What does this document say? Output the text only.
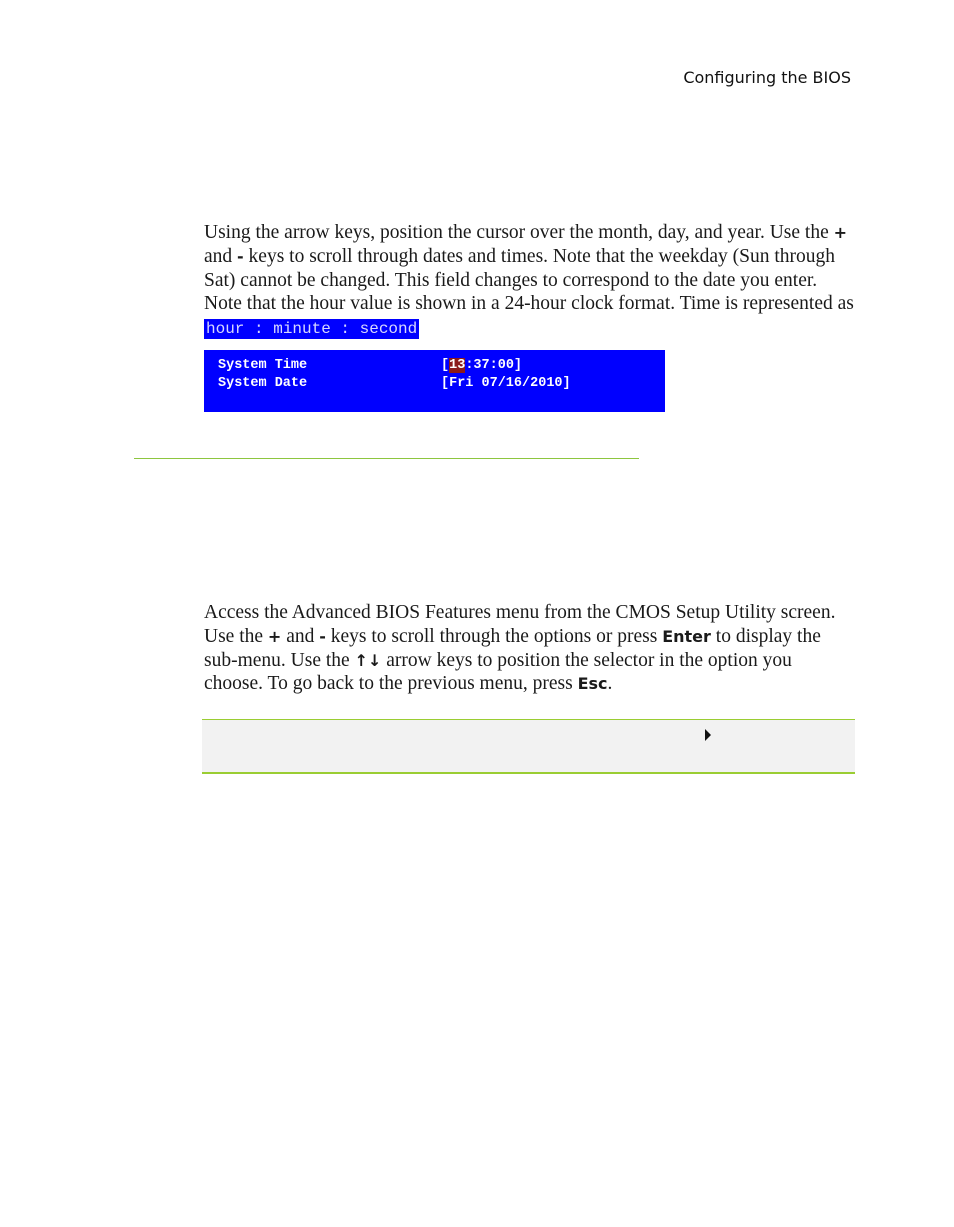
Configuring the BIOS

Using the arrow keys, position the cursor over the month, day, and year. Use the + and - keys to scroll through dates and times. Note that the weekday (Sun through Sat) cannot be changed. This field changes to correspond to the date you enter. Note that the hour value is shown in a 24-hour clock format. Time is represented as hour : minute : second

System Time	[13:37:00]
System Date	[Fri 07/16/2010]

Access the Advanced BIOS Features menu from the CMOS Setup Utility screen. Use the + and - keys to scroll through the options or press Enter to display the sub-menu. Use the ↑↓ arrow keys to position the selector in the option you choose. To go back to the previous menu, press Esc.
